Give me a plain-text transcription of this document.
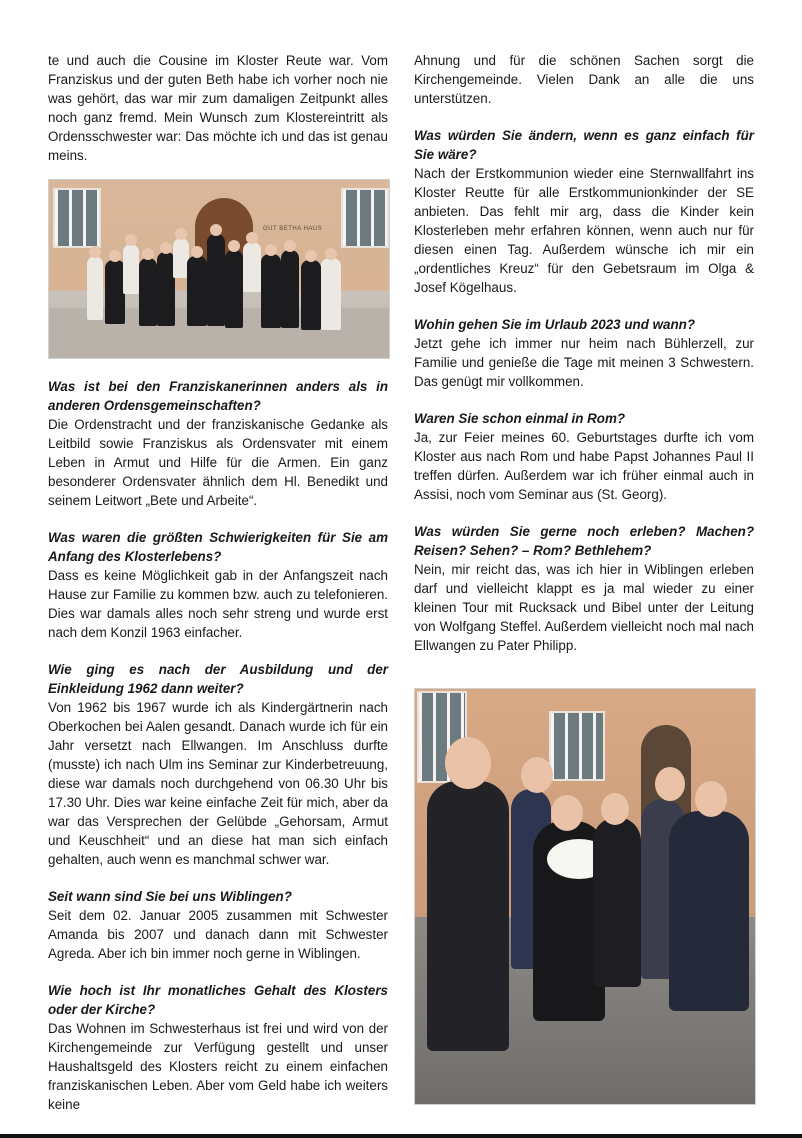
te und auch die Cousine im Kloster Reute war. Vom Franziskus und der guten Beth habe ich vorher noch nie was gehört, das war mir zum damaligen Zeitpunkt alles noch ganz fremd. Mein Wunsch zum Klostereintritt als Ordensschwester war: Das möchte ich und das ist genau meins.

GUT BETHA HAUS

Was ist bei den Franziskanerinnen anders als in anderen Ordensgemeinschaften?

Die Ordenstracht und der franziskanische Gedanke als Leitbild sowie Franziskus als Ordensvater mit einem Leben in Armut und Hilfe für die Armen. Ein ganz besonderer Ordensvater ähnlich dem Hl. Benedikt und seinem Leitwort „Bete und Arbeite“.

Was waren die größten Schwierigkeiten für Sie am Anfang des Klosterlebens?

Dass es keine Möglichkeit gab in der Anfangszeit nach Hause zur Familie zu kommen bzw. auch zu telefonieren. Dies war damals alles noch sehr streng und wurde erst nach dem Konzil 1963 einfacher.

Wie ging es nach der Ausbildung und der Einkleidung 1962 dann weiter?

Von 1962 bis 1967 wurde ich als Kindergärtnerin nach Oberkochen bei Aalen gesandt. Danach wurde ich für ein Jahr versetzt nach Ellwangen. Im Anschluss durfte (musste) ich nach Ulm ins Seminar zur Kinderbetreuung, diese war damals noch durchgehend von 06.30 Uhr bis 17.30 Uhr. Dies war keine einfache Zeit für mich, aber da war das Versprechen der Gelübde „Gehorsam, Armut und Keuschheit“ und an diese hat man sich einfach gehalten, auch wenn es manchmal schwer war.

Seit wann sind Sie bei uns Wiblingen?

Seit dem 02. Januar 2005 zusammen mit Schwester Amanda bis 2007 und danach dann mit Schwester Agreda. Aber ich bin immer noch gerne in Wiblingen.

Wie hoch ist Ihr monatliches Gehalt des Klosters oder der Kirche?

Das Wohnen im Schwesterhaus ist frei und wird von der Kirchengemeinde zur Verfügung gestellt und unser Haushaltsgeld des Klosters reicht zu einem einfachen franziskanischen Leben. Aber vom Geld habe ich weiters keine

Ahnung und für die schönen Sachen sorgt die Kirchengemeinde. Vielen Dank an alle die uns unterstützen.

Was würden Sie ändern, wenn es ganz einfach für Sie wäre?

Nach der Erstkommunion wieder eine Sternwallfahrt ins Kloster Reutte für alle Erstkommunionkinder der SE anbieten. Das fehlt mir arg, dass die Kinder kein Klosterleben mehr erfahren können, wenn auch nur für diesen einen Tag. Außerdem wünsche ich mir ein „ordentliches Kreuz“ für den Gebetsraum im Olga & Josef Kögelhaus.

Wohin gehen Sie im Urlaub 2023 und wann?

Jetzt gehe ich immer nur heim nach Bühlerzell, zur Familie und genieße die Tage mit meinen 3 Schwestern. Das genügt mir vollkommen.

Waren Sie schon einmal in Rom?

Ja, zur Feier meines 60. Geburtstages durfte ich vom Kloster aus nach Rom und habe Papst Johannes Paul II treffen dürfen. Außerdem war ich früher einmal auch in Assisi, noch vom Seminar aus (St. Georg).

Was würden Sie gerne noch erleben? Machen? Reisen? Sehen? – Rom? Bethlehem?

Nein, mir reicht das, was ich hier in Wiblingen erleben darf und vielleicht klappt es ja mal wieder zu einer kleinen Tour mit Rucksack und Bibel unter der Leitung von Wolfgang Steffel. Außerdem vielleicht noch mal nach Ellwangen zu Pater Philipp.
